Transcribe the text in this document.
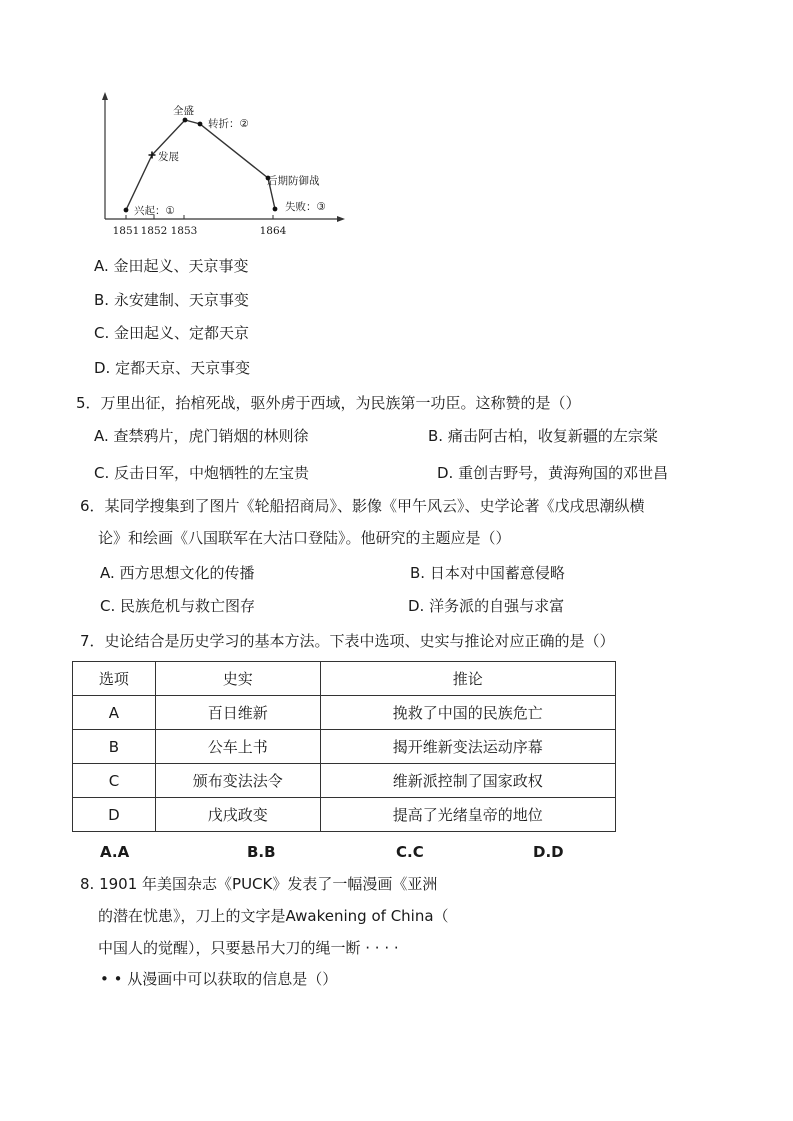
1851 1852 1853	1864
兴起：①
发展
全盛
转折：②
后期防御战
失败：③
A. 金田起义、天京事变
B. 永安建制、天京事变
C. 金田起义、定都天京
D. 定都天京、天京事变
5．万里出征，抬棺死战，驱外虏于西域，为民族第一功臣。这称赞的是（）
A. 查禁鸦片，虎门销烟的林则徐	B. 痛击阿古柏，收复新疆的左宗棠
C. 反击日军，中炮牺牲的左宝贵	D. 重创吉野号，黄海殉国的邓世昌
6．某同学搜集到了图片《轮船招商局》、影像《甲午风云》、史学论著《戊戌思潮纵横
论》和绘画《八国联军在大沽口登陆》。他研究的主题应是（）
A. 西方思想文化的传播	B. 日本对中国蓄意侵略
C. 民族危机与救亡图存	D. 洋务派的自强与求富
7．史论结合是历史学习的基本方法。下表中选项、史实与推论对应正确的是（）
选项	史实	推论
A	百日维新	挽救了中国的民族危亡
B	公车上书	揭开维新变法运动序幕
C	颁布变法法令	维新派控制了国家政权
D	戊戌政变	提高了光绪皇帝的地位
A.A	B.B	C.C	D.D
8. 1901 年美国杂志《PUCK》发表了一幅漫画《亚洲
的潜在忧患》，刀上的文字是Awakening of China（
中国人的觉醒），只要悬吊大刀的绳一断 · · · ·
• • 从漫画中可以获取的信息是（）
